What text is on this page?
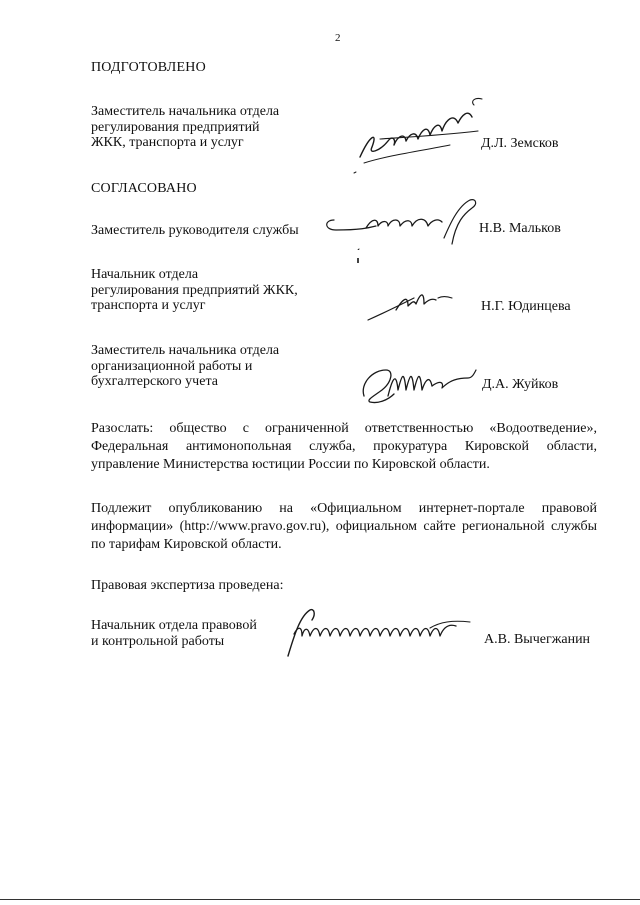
2
ПОДГОТОВЛЕНО
Заместитель начальника отдела
регулирования предприятий
ЖКК, транспорта и услуг	Д.Л. Земсков
СОГЛАСОВАНО
Заместитель руководителя службы	Н.В. Мальков
Начальник отдела
регулирования предприятий ЖКК,
транспорта и услуг	Н.Г. Юдинцева
Заместитель начальника отдела
организационной работы и
бухгалтерского учета	Д.А. Жуйков
Разослать: общество с ограниченной ответственностью «Водоотведение», Федеральная антимонопольная служба, прокуратура Кировской области, управление Министерства юстиции России по Кировской области.
Подлежит опубликованию на «Официальном интернет-портале правовой информации» (http://www.pravo.gov.ru), официальном сайте региональной службы по тарифам Кировской области.
Правовая экспертиза проведена:
Начальник отдела правовой
и контрольной работы	А.В. Вычегжанин
